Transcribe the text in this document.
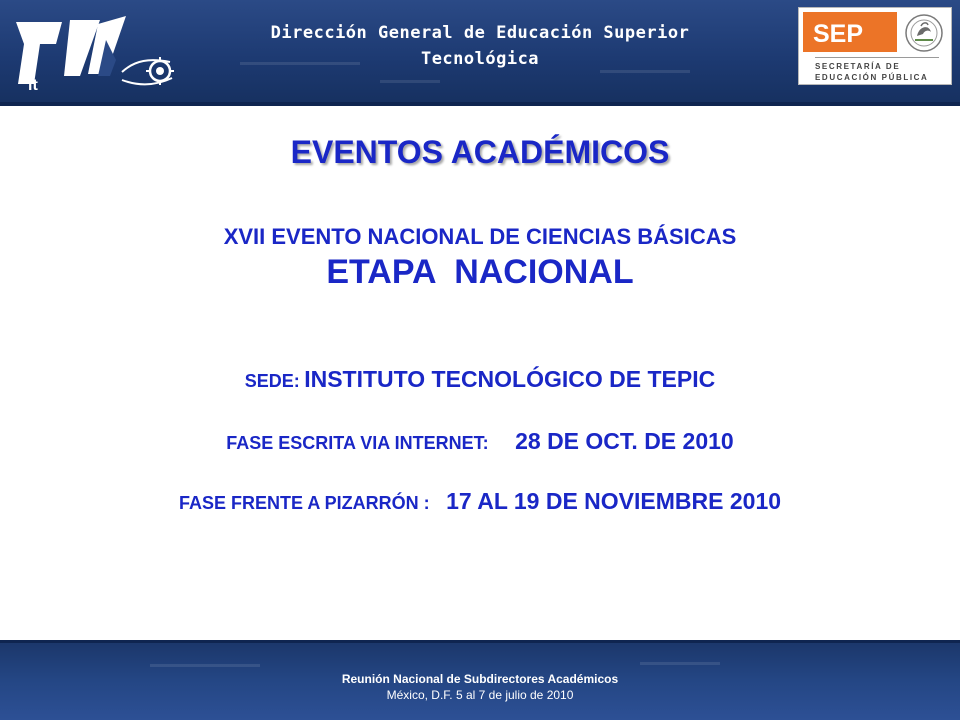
it
Dirección General de Educación Superior
Tecnológica
SEP
SECRETARÍA DE
EDUCACIÓN PÚBLICA
EVENTOS ACADÉMICOS
XVII EVENTO NACIONAL DE CIENCIAS BÁSICAS
ETAPA  NACIONAL
SEDE: INSTITUTO TECNOLÓGICO DE TEPIC
FASE ESCRITA VIA INTERNET: 28 DE OCT. DE 2010
FASE FRENTE A PIZARRÓN : 17 AL 19 DE NOVIEMBRE 2010
Reunión Nacional de Subdirectores Académicos
México, D.F. 5 al 7 de julio de 2010
